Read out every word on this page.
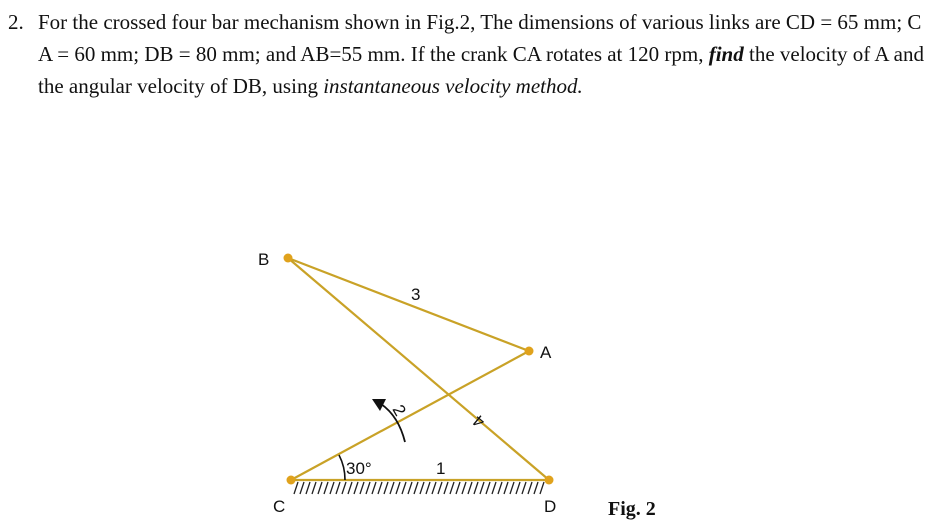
2. For the crossed four bar mechanism shown in Fig.2, The dimensions of various links are CD = 65 mm; C A = 60 mm; DB = 80 mm; and AB=55 mm. If the crank CA rotates at 120 rpm, find the velocity of A and the angular velocity of DB, using instantaneous velocity method.
B
A
C	D
3
30°	1
2
4
Fig. 2
